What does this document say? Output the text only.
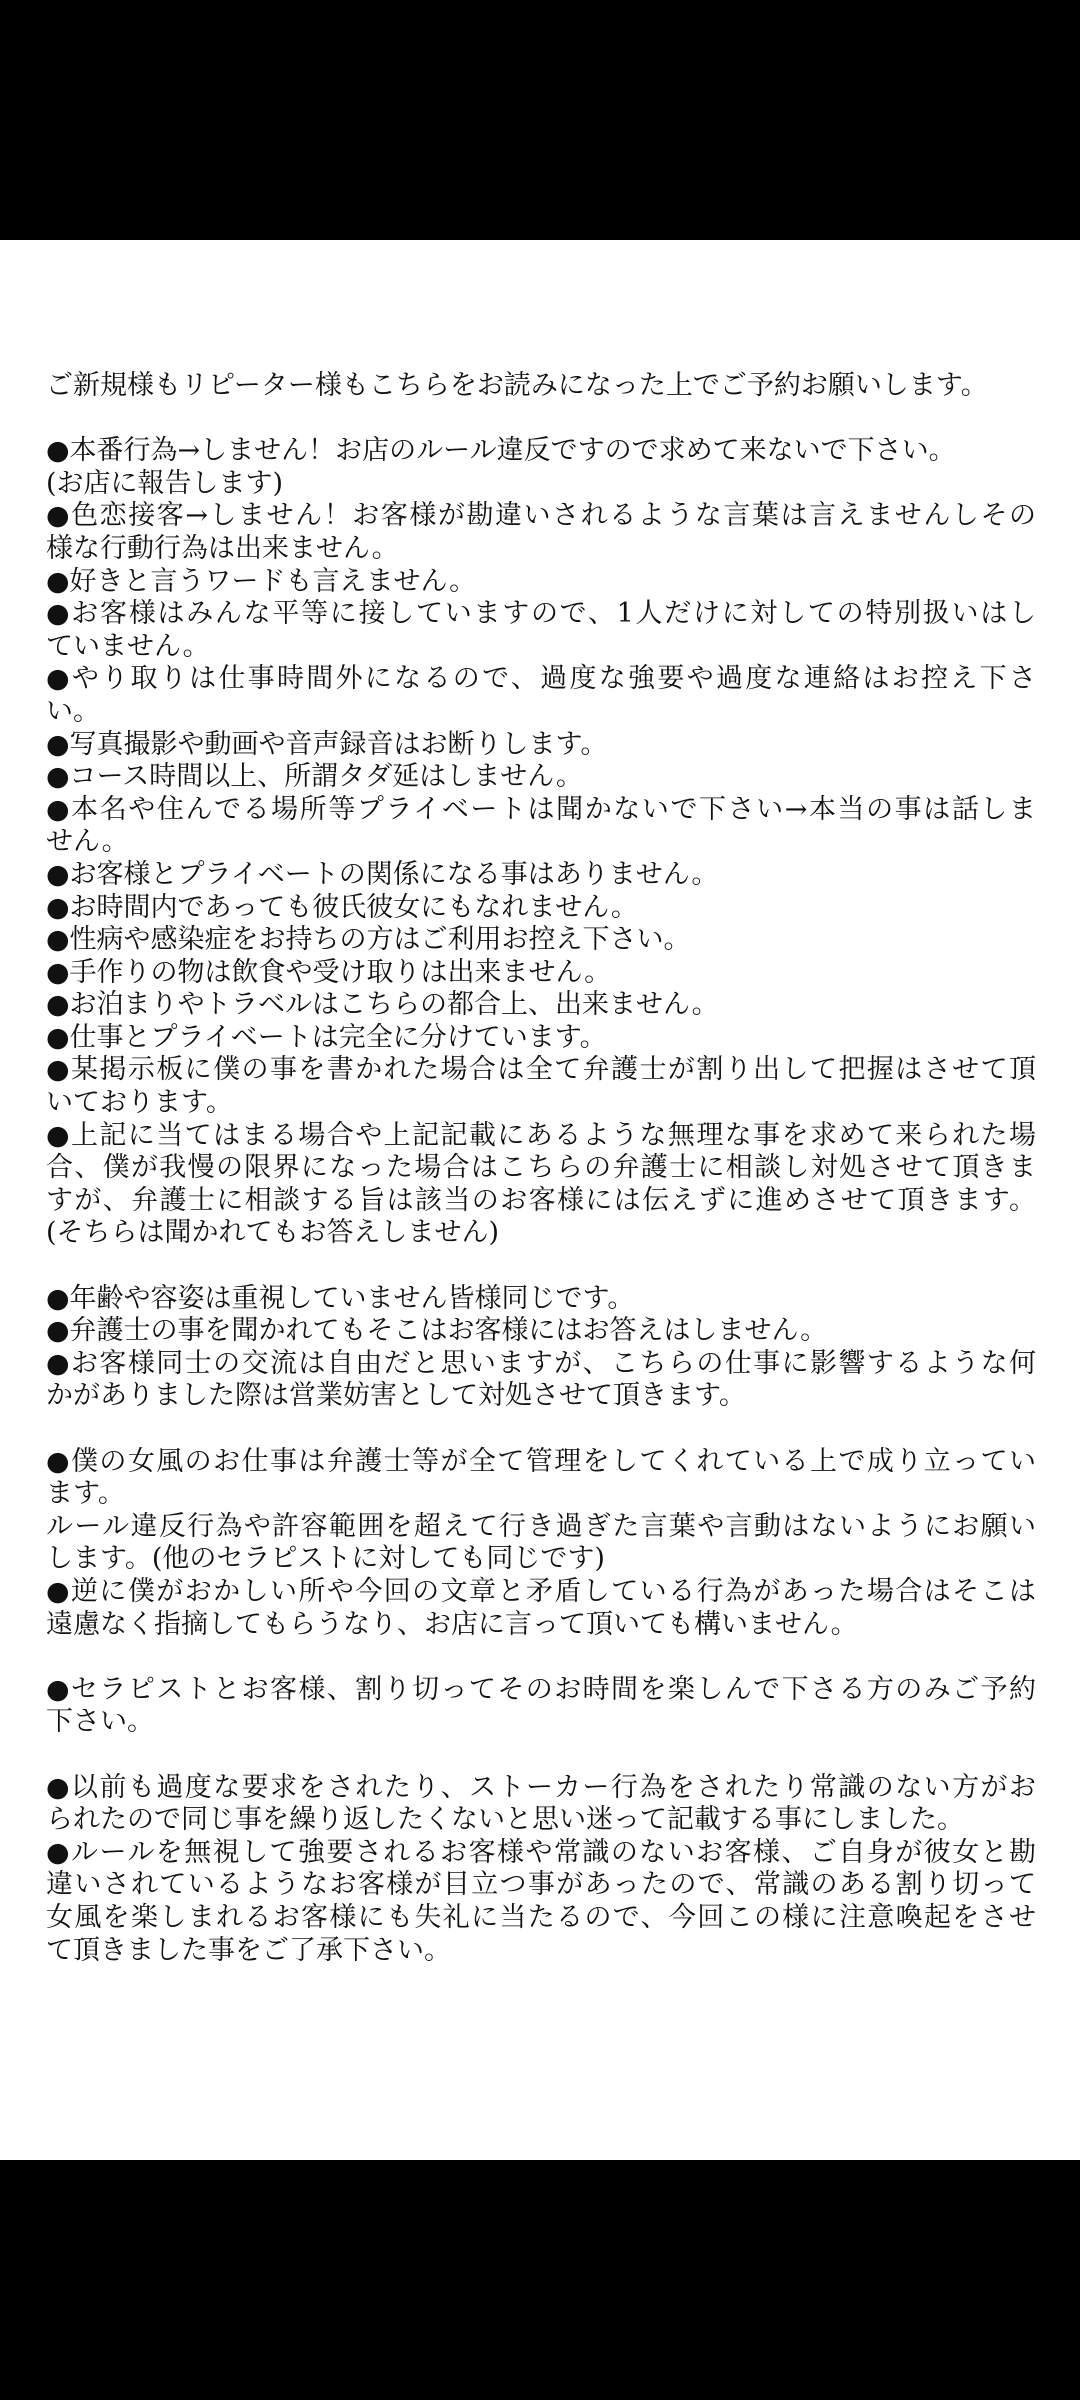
ご新規様もリピーター様もこちらをお読みになった上でご予約お願いします。
●本番行為→しません！お店のルール違反ですので求めて来ないで下さい。
(お店に報告します)
●色恋接客→しません！お客様が勘違いされるような言葉は言えませんしその
様な行動行為は出来ません。
●好きと言うワードも言えません。
●お客様はみんな平等に接していますので、1人だけに対しての特別扱いはし
ていません。
●やり取りは仕事時間外になるので、過度な強要や過度な連絡はお控え下さ
い。
●写真撮影や動画や音声録音はお断りします。
●コース時間以上、所謂タダ延はしません。
●本名や住んでる場所等プライベートは聞かないで下さい→本当の事は話しま
せん。
●お客様とプライベートの関係になる事はありません。
●お時間内であっても彼氏彼女にもなれません。
●性病や感染症をお持ちの方はご利用お控え下さい。
●手作りの物は飲食や受け取りは出来ません。
●お泊まりやトラベルはこちらの都合上、出来ません。
●仕事とプライベートは完全に分けています。
●某掲示板に僕の事を書かれた場合は全て弁護士が割り出して把握はさせて頂
いております。
●上記に当てはまる場合や上記記載にあるような無理な事を求めて来られた場
合、僕が我慢の限界になった場合はこちらの弁護士に相談し対処させて頂きま
すが、弁護士に相談する旨は該当のお客様には伝えずに進めさせて頂きます。
(そちらは聞かれてもお答えしません)
●年齢や容姿は重視していません皆様同じです。
●弁護士の事を聞かれてもそこはお客様にはお答えはしません。
●お客様同士の交流は自由だと思いますが、こちらの仕事に影響するような何
かがありました際は営業妨害として対処させて頂きます。
●僕の女風のお仕事は弁護士等が全て管理をしてくれている上で成り立ってい
ます。
ルール違反行為や許容範囲を超えて行き過ぎた言葉や言動はないようにお願い
します。(他のセラピストに対しても同じです)
●逆に僕がおかしい所や今回の文章と矛盾している行為があった場合はそこは
遠慮なく指摘してもらうなり、お店に言って頂いても構いません。
●セラピストとお客様、割り切ってそのお時間を楽しんで下さる方のみご予約
下さい。
●以前も過度な要求をされたり、ストーカー行為をされたり常識のない方がお
られたので同じ事を繰り返したくないと思い迷って記載する事にしました。
●ルールを無視して強要されるお客様や常識のないお客様、ご自身が彼女と勘
違いされているようなお客様が目立つ事があったので、常識のある割り切って
女風を楽しまれるお客様にも失礼に当たるので、今回この様に注意喚起をさせ
て頂きました事をご了承下さい。
